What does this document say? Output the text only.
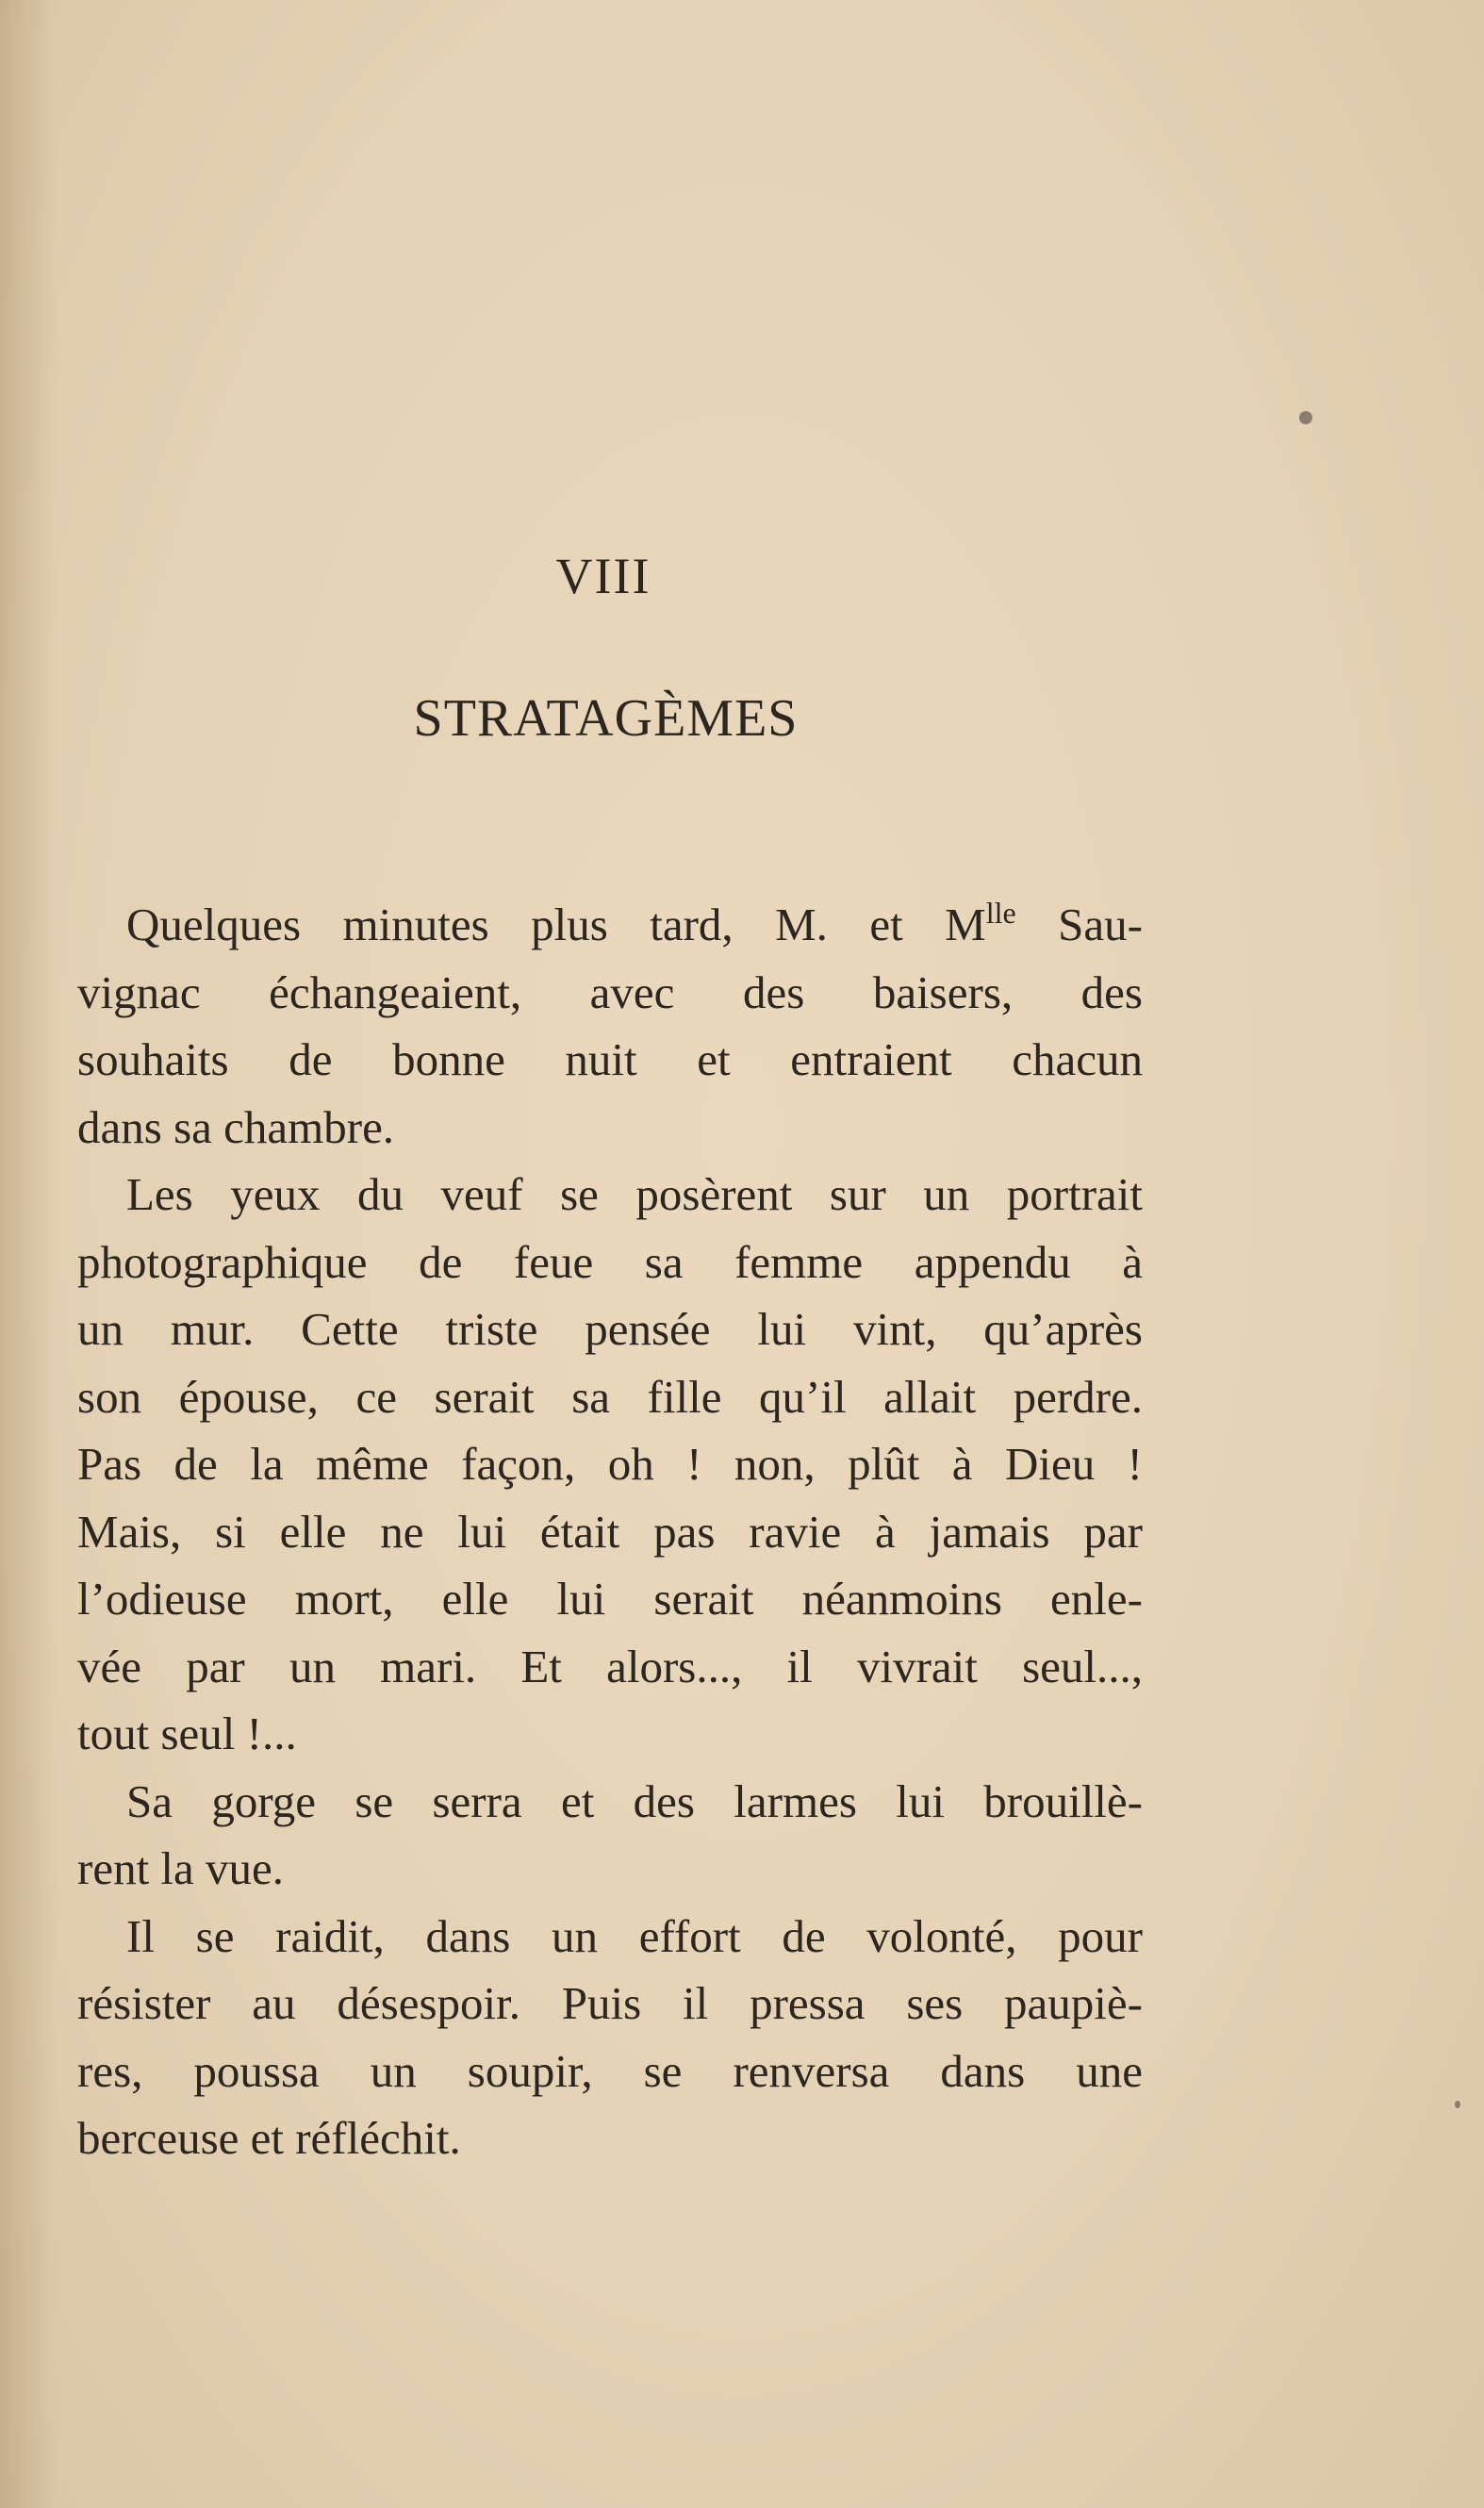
VIII
STRATAGÈMES
Quelques minutes plus tard, M. et $M^{lle}$ Sau-
vignac échangeaient, avec des baisers, des
souhaits de bonne nuit et entraient chacun
dans sa chambre.
Les yeux du veuf se posèrent sur un portrait
photographique de feue sa femme appendu à
un mur. Cette triste pensée lui vint, qu’après
son épouse, ce serait sa fille qu’il allait perdre.
Pas de la même façon, oh ! non, plût à Dieu !
Mais, si elle ne lui était pas ravie à jamais par
l’odieuse mort, elle lui serait néanmoins enle-
vée par un mari. Et alors..., il vivrait seul...,
tout seul !...
Sa gorge se serra et des larmes lui brouillè-
rent la vue.
Il se raidit, dans un effort de volonté, pour
résister au désespoir. Puis il pressa ses paupiè-
res, poussa un soupir, se renversa dans une
berceuse et réfléchit.
